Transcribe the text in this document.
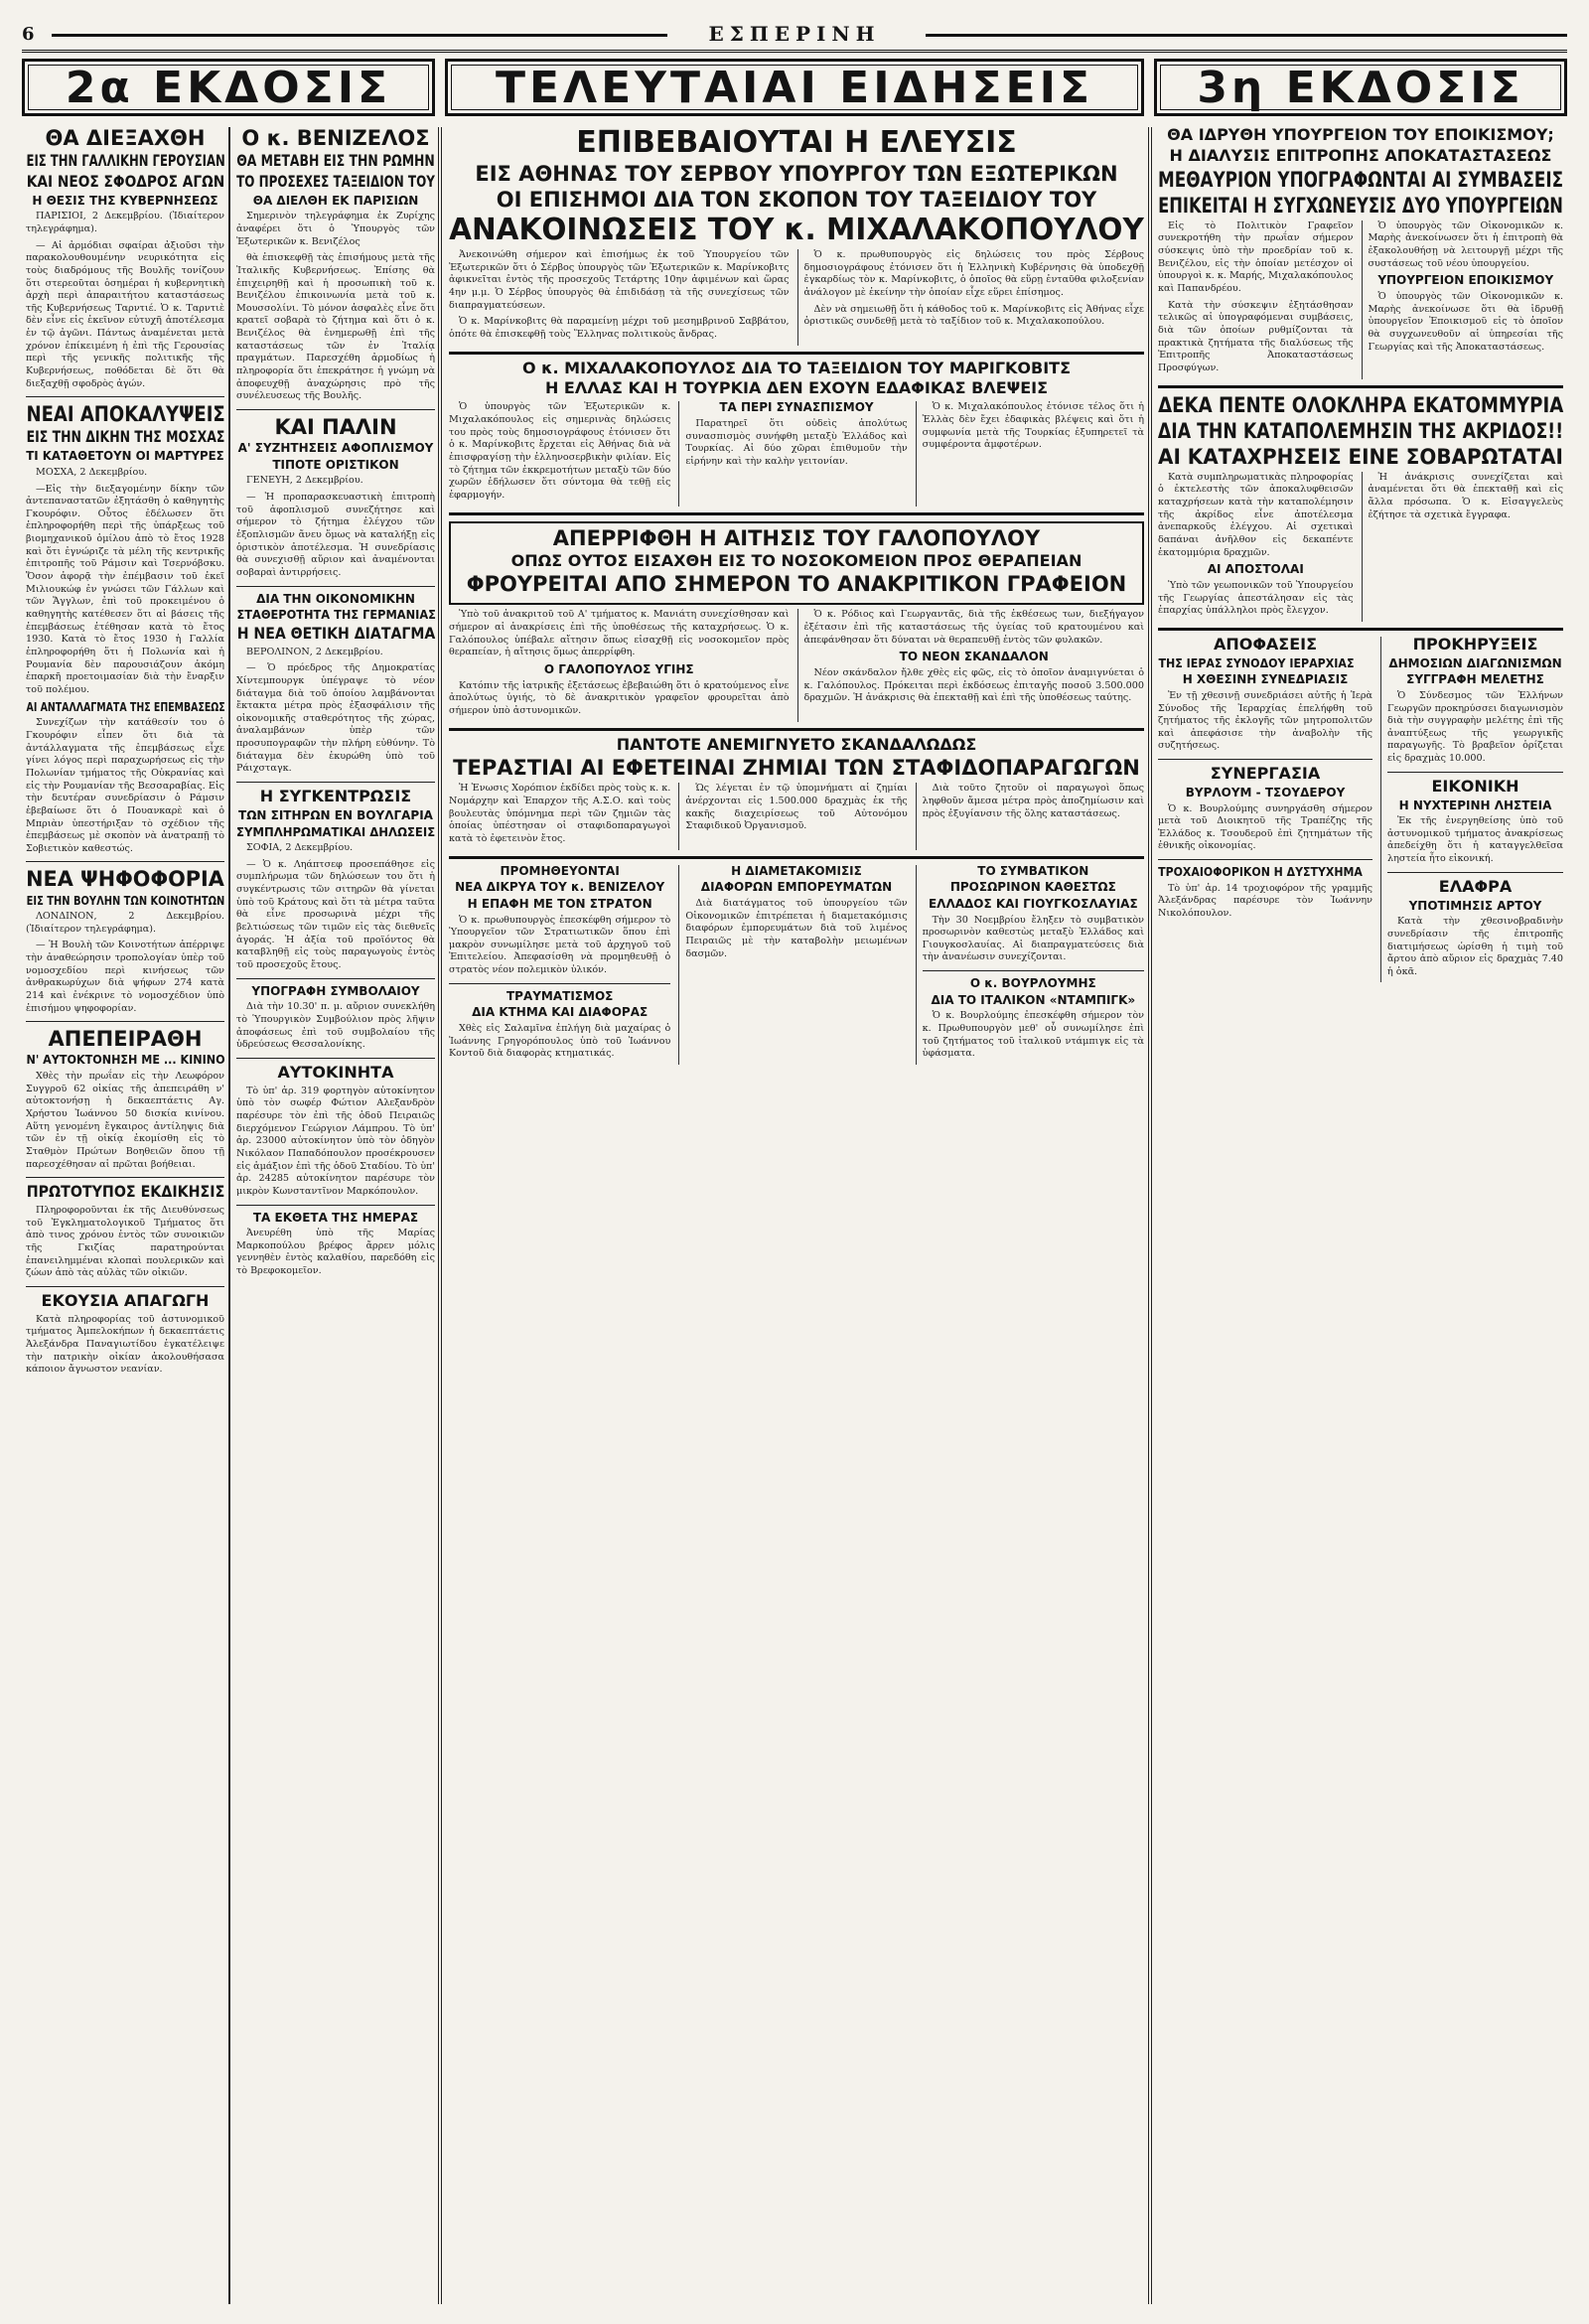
6	ΕΣΠΕΡΙΝΗ
2α ΕΚΔΟΣΙΣ	ΤΕΛΕΥΤΑΙΑΙ ΕΙΔΗΣΕΙΣ	3η ΕΚΔΟΣΙΣ
ΘΑ ΔΙΕΞΑΧΘΗ
ΕΙΣ ΤΗΝ ΓΑΛΛΙΚΗΝ ΓΕΡΟΥΣΙΑΝ
ΚΑΙ ΝΕΟΣ ΣΦΟΔΡΟΣ ΑΓΩΝ
Η ΘΕΣΙΣ ΤΗΣ ΚΥΒΕΡΝΗΣΕΩΣ

ΠΑΡΙΣΙΟΙ, 2 Δεκεμβρίου. (Ἰδιαίτερον τηλεγράφημα).

— Αἱ ἀρμόδιαι σφαίραι ἀξιοῦσι τὴν παρακολουθουμένην νευρικότητα εἰς τοὺς διαδρόμους τῆς Βουλῆς τονίζουν ὅτι στερεοῦται ὁσημέραι ἡ κυβερνητικὴ ἀρχὴ περὶ ἀπαραιτήτου καταστάσεως τῆς Κυβερνήσεως Ταρντιέ. Ὁ κ. Ταρντιὲ δὲν εἶνε εἰς ἐκεῖνον εὐτυχῆ ἀποτέλεσμα ἐν τῷ ἀγῶνι. Πάντως ἀναμένεται μετὰ χρόνον ἐπίκειμένη ἡ ἐπὶ τῆς Γερουσίας περὶ τῆς γενικῆς πολιτικῆς τῆς Κυβερνήσεως, ποθόδεται δὲ ὅτι θὰ διεξαχθῇ σφοδρὸς ἀγών.

ΝΕΑΙ ΑΠΟΚΑΛΥΨΕΙΣ
ΕΙΣ ΤΗΝ ΔΙΚΗΝ ΤΗΣ ΜΟΣΧΑΣ
ΤΙ ΚΑΤΑΘΕΤΟΥΝ ΟΙ ΜΑΡΤΥΡΕΣ

ΜΟΣΧΑ, 2 Δεκεμβρίου.

—Εἰς τὴν διεξαγομένην δίκην τῶν ἀντεπαναστατῶν ἐξητάσθη ὁ καθηγητὴς Γκουρόφιν. Οὗτος ἐδέλωσεν ὅτι ἐπληροφορήθη περὶ τῆς ὑπάρξεως τοῦ βιομηχανικοῦ ὁμίλου ἀπὸ τὸ ἔτος 1928 καὶ ὅτι ἐγνώριζε τὰ μέλη τῆς κεντρικῆς ἐπιτροπῆς τοῦ Ράμσιν καὶ Τσερνόβσκυ. Ὅσον ἀφορᾷ τὴν ἐπέμβασιν τοῦ ἐκεῖ Μιλιουκώφ ἐν γνώσει τῶν Γάλλων καὶ τῶν Ἄγγλων, ἐπὶ τοῦ προκειμένου ὁ καθηγητὴς κατέθεσεν ὅτι αἱ βάσεις τῆς ἐπεμβάσεως ἐτέθησαν κατὰ τὸ ἔτος 1930. Κατὰ τὸ ἔτος 1930 ἡ Γαλλία ἐπληροφορήθη ὅτι ἡ Πολωνία καὶ ἡ Ρουμανία δὲν παρουσιάζουν ἀκόμη ἐπαρκῆ προετοιμασίαν διὰ τὴν ἔναρξιν τοῦ πολέμου.

ΑΙ ΑΝΤΑΛΛΑΓΜΑΤΑ ΤΗΣ ΕΠΕΜΒΑΣΕΩΣ

Συνεχίζων τὴν κατάθεσίν του ὁ Γκουρόφιν εἶπεν ὅτι διὰ τὰ ἀντάλλαγματα τῆς ἐπεμβάσεως εἶχε γίνει λόγος περὶ παραχωρήσεως εἰς τὴν Πολωνίαν τμήματος τῆς Οὐκρανίας καὶ εἰς τὴν Ρουμανίαν τῆς Βεσσαραβίας. Εἰς τὴν δευτέραν συνεδρίασιν ὁ Ράμσιν ἐβεβαίωσε ὅτι ὁ Πουανκαρὲ καὶ ὁ Μπριὰν ὑπεστήριξαν τὸ σχέδιον τῆς ἐπεμβάσεως μὲ σκοπὸν νὰ ἀνατραπῇ τὸ Σοβιετικὸν καθεστώς.

ΝΕΑ ΨΗΦΟΦΟΡΙΑ
ΕΙΣ ΤΗΝ ΒΟΥΛΗΝ ΤΩΝ ΚΟΙΝΟΤΗΤΩΝ

ΛΟΝΔΙΝΟΝ, 2 Δεκεμβρίου. (Ἰδιαίτερον τηλεγράφημα).

— Ἡ Βουλὴ τῶν Κοινοτήτων ἀπέρριψε τὴν ἀναθεώρησιν τροπολογίαν ὑπὲρ τοῦ νομοσχεδίου περὶ κινήσεως τῶν ἀνθρακωρύχων διὰ ψήφων 274 κατὰ 214 καὶ ἐνέκρινε τὸ νομοσχέδιον ὑπὸ ἐπισήμου ψηφοφορίαν.

ΑΠΕΠΕΙΡΑΘΗ
Ν' ΑΥΤΟΚΤΟΝΗΣΗ ΜΕ ... ΚΙΝΙΝΟ

Χθὲς τὴν πρωΐαν εἰς τὴν Λεωφόρον Συγγροῦ 62 οἰκίας τῆς ἀπεπειράθη ν' αὐτοκτονήσῃ ἡ δεκαεπτάετις Αγ. Χρήστου Ἰωάννου 50 δισκία κινίνου. Αὕτη γενομένη ἔγκαιρος ἀντίληψις διὰ τῶν ἐν τῇ οἰκίᾳ ἐκομίσθη εἰς τὸ Σταθμὸν Πρώτων Βοηθειῶν ὅπου τῇ παρεσχέθησαν αἱ πρῶται βοήθειαι.

ΠΡΩΤΟΤΥΠΟΣ ΕΚΔΙΚΗΣΙΣ

Πληροφοροῦνται ἐκ τῆς Διευθύνσεως τοῦ Ἐγκληματολογικοῦ Τμήματος ὅτι ἀπὸ τινος χρόνου ἐντὸς τῶν συνοικιῶν τῆς Γκιζίας παρατηρούνται ἐπανειλημμέναι κλοπαὶ πουλερικῶν καὶ ζώων ἀπὸ τὰς αὐλὰς τῶν οἰκιῶν.

ΕΚΟΥΣΙΑ ΑΠΑΓΩΓΗ

Κατὰ πληροφορίας τοῦ ἀστυνομικοῦ τμήματος Ἀμπελοκήπων ἡ δεκαεπτάετις Ἀλεξάνδρα Παναγιωτίδου ἐγκατέλειψε τὴν πατρικὴν οἰκίαν ἀκολουθήσασα κάποιον ἄγνωστον νεανίαν.

Ο κ. ΒΕΝΙΖΕΛΟΣ
ΘΑ ΜΕΤΑΒΗ ΕΙΣ ΤΗΝ ΡΩΜΗΝ
ΤΟ ΠΡΟΣΕΧΕΣ ΤΑΞΕΙΔΙΟΝ ΤΟΥ
ΘΑ ΔΙΕΛΘΗ ΕΚ ΠΑΡΙΣΙΩΝ

Σημερινὸν τηλεγράφημα ἐκ Ζυρίχης ἀναφέρει ὅτι ὁ Ὑπουργὸς τῶν Ἐξωτερικῶν κ. Βενιζέλος

θὰ ἐπισκεφθῇ τὰς ἐπισήμους μετὰ τῆς Ἰταλικῆς Κυβερνήσεως. Ἐπίσης θὰ ἐπιχειρηθῇ καὶ ἡ προσωπικὴ τοῦ κ. Βενιζέλου ἐπικοινωνία μετὰ τοῦ κ. Μουσσολίνι. Τὸ μόνον ἀσφαλὲς εἶνε ὅτι κρατεῖ σοβαρὰ τὸ ζήτημα καὶ ὅτι ὁ κ. Βενιζέλος θὰ ἐνημερωθῇ ἐπὶ τῆς καταστάσεως τῶν ἐν Ἰταλίᾳ πραγμάτων. Παρεσχέθη ἀρμοδίως ἡ πληροφορία ὅτι ἐπεκράτησε ἡ γνώμη νὰ ἀποφευχθῇ ἀναχώρησις πρὸ τῆς συνέλευσεως τῆς Βουλῆς.

ΚΑΙ ΠΑΛΙΝ
Α' ΣΥΖΗΤΗΣΕΙΣ ΑΦΟΠΛΙΣΜΟΥ
ΤΙΠΟΤΕ ΟΡΙΣΤΙΚΟΝ

ΓΕΝΕΥΗ, 2 Δεκεμβρίου.

— Ἡ προπαρασκευαστικὴ ἐπιτροπὴ τοῦ ἀφοπλισμοῦ συνεζήτησε καὶ σήμερον τὸ ζήτημα ἐλέγχου τῶν ἐξοπλισμῶν ἄνευ ὅμως νὰ καταλήξῃ εἰς ὁριστικὸν ἀποτέλεσμα. Ἡ συνεδρίασις θὰ συνεχισθῇ αὔριον καὶ ἀναμένονται σοβαραὶ ἀντιρρήσεις.

ΔΙΑ ΤΗΝ ΟΙΚΟΝΟΜΙΚΗΝ
ΣΤΑΘΕΡΟΤΗΤΑ ΤΗΣ ΓΕΡΜΑΝΙΑΣ
Η ΝΕΑ ΘΕΤΙΚΗ ΔΙΑΤΑΓΜΑ

ΒΕΡΟΛΙΝΟΝ, 2 Δεκεμβρίου.

— Ὁ πρόεδρος τῆς Δημοκρατίας Χίντεμπουργκ ὑπέγραψε τὸ νέον διάταγμα διὰ τοῦ ὁποίου λαμβάνονται ἔκτακτα μέτρα πρὸς ἐξασφάλισιν τῆς οἰκονομικῆς σταθερότητος τῆς χώρας, ἀναλαμβάνων ὑπὲρ τῶν προσυπογραφῶν τὴν πλήρη εὐθύνην. Τὸ διάταγμα δὲν ἐκυρώθη ὑπὸ τοῦ Ράιχσταγκ.

Η ΣΥΓΚΕΝΤΡΩΣΙΣ
ΤΩΝ ΣΙΤΗΡΩΝ ΕΝ ΒΟΥΛΓΑΡΙΑ
ΣΥΜΠΛΗΡΩΜΑΤΙΚΑΙ ΔΗΛΩΣΕΙΣ

ΣΟΦΙΑ, 2 Δεκεμβρίου.

— Ὁ κ. Ληάπτσεφ προσεπάθησε εἰς συμπλήρωμα τῶν δηλώσεων του ὅτι ἡ συγκέντρωσις τῶν σιτηρῶν θὰ γίνεται ὑπὸ τοῦ Κράτους καὶ ὅτι τὰ μέτρα ταῦτα θὰ εἶνε προσωρινὰ μέχρι τῆς βελτιώσεως τῶν τιμῶν εἰς τὰς διεθνεῖς ἀγοράς. Ἡ ἀξία τοῦ προϊόντος θὰ καταβληθῇ εἰς τοὺς παραγωγοὺς ἐντὸς τοῦ προσεχοῦς ἔτους.

ΥΠΟΓΡΑΦΗ ΣΥΜΒΟΛΑΙΟΥ

Διὰ τὴν 10.30' π. μ. αὔριον συνεκλήθη τὸ Ὑπουργικὸν Συμβούλιον πρὸς λῆψιν ἀποφάσεως ἐπὶ τοῦ συμβολαίου τῆς ὑδρεύσεως Θεσσαλονίκης.

ΑΥΤΟΚΙΝΗΤΑ

Τὸ ὑπ' ἀρ. 319 φορτηγὸν αὐτοκίνητον ὑπὸ τὸν σωφέρ Φώτιον Αλεξανδρὸν παρέσυρε τὸν ἐπὶ τῆς ὁδοῦ Πειραιῶς διερχόμενον Γεώργιον Λάμπρου. Τὸ ὑπ' ἀρ. 23000 αὐτοκίνητον ὑπὸ τὸν ὁδηγὸν Νικόλαον Παπαδόπουλον προσέκρουσεν εἰς ἁμάξιον ἐπὶ τῆς ὁδοῦ Σταδίου. Τὸ ὑπ' ἀρ. 24285 αὐτοκίνητον παρέσυρε τὸν μικρὸν Κωνσταντῖνον Μαρκόπουλον.

ΤΑ ΕΚΘΕΤΑ ΤΗΣ ΗΜΕΡΑΣ

Ἀνευρέθη ὑπὸ τῆς Μαρίας Μαρκοπούλου βρέφος ἄρρεν μόλις γεννηθὲν ἐντὸς καλαθίου, παρεδόθη εἰς τὸ Βρεφοκομεῖον.

ΕΠΙΒΕΒΑΙΟΥΤΑΙ Η ΕΛΕΥΣΙΣ
ΕΙΣ ΑΘΗΝΑΣ ΤΟΥ ΣΕΡΒΟΥ ΥΠΟΥΡΓΟΥ ΤΩΝ ΕΞΩΤΕΡΙΚΩΝ
ΟΙ ΕΠΙΣΗΜΟΙ ΔΙΑ ΤΟΝ ΣΚΟΠΟΝ ΤΟΥ ΤΑΞΕΙΔΙΟΥ ΤΟΥ
ΑΝΑΚΟΙΝΩΣΕΙΣ ΤΟΥ κ. ΜΙΧΑΛΑΚΟΠΟΥΛΟΥ

Ἀνεκοινώθη σήμερον καὶ ἐπισήμως ἐκ τοῦ Ὑπουργείου τῶν Ἐξωτερικῶν ὅτι ὁ Σέρβος ὑπουργὸς τῶν Ἐξωτερικῶν κ. Μαρίνκοβιτς ἀφικνεῖται ἐντὸς τῆς προσεχοῦς Τετάρτης 10ην ἀφιμένων καὶ ὥρας 4ην μ.μ. Ὁ Σέρβος ὑπουργὸς θὰ ἐπιδιδάσῃ τὰ τῆς συνεχίσεως τῶν διαπραγματεύσεων.

Ὁ κ. Μαρίνκοβιτς θὰ παραμείνῃ μέχρι τοῦ μεσημβρινοῦ Σαββάτου, ὁπότε θὰ ἐπισκεφθῇ τοὺς Ἕλληνας πολιτικοὺς ἄνδρας.

Ὁ κ. πρωθυπουργὸς εἰς δηλώσεις του πρὸς Σέρβους δημοσιογράφους ἐτόνισεν ὅτι ἡ Ἑλληνικὴ Κυβέρνησις θὰ ὑποδεχθῇ ἐγκαρδίως τὸν κ. Μαρίνκοβιτς, ὁ ὁποῖος θὰ εὕρῃ ἐνταῦθα φιλοξενίαν ἀνάλογον μὲ ἐκείνην τὴν ὁποίαν εἶχε εὕρει ἐπίσημος.

Δὲν νὰ σημειωθῇ ὅτι ἡ κάθοδος τοῦ κ. Μαρίνκοβιτς εἰς Ἀθήνας εἶχε ὁριστικῶς συνδεθῇ μετὰ τὸ ταξίδιον τοῦ κ. Μιχαλακοπούλου.

Ο κ. ΜΙΧΑΛΑΚΟΠΟΥΛΟΣ ΔΙΑ ΤΟ ΤΑΞΕΙΔΙΟΝ ΤΟΥ ΜΑΡΙΓΚΟΒΙΤΣ
Η ΕΛΛΑΣ ΚΑΙ Η ΤΟΥΡΚΙΑ ΔΕΝ ΕΧΟΥΝ ΕΔΑΦΙΚΑΣ ΒΛΕΨΕΙΣ

Ὁ ὑπουργὸς τῶν Ἐξωτερικῶν κ. Μιχαλακόπουλος εἰς σημερινὰς δηλώσεις του πρὸς τοὺς δημοσιογράφους ἐτόνισεν ὅτι ὁ κ. Μαρίνκοβιτς ἔρχεται εἰς Ἀθήνας διὰ νὰ ἐπισφραγίσῃ τὴν ἑλληνοσερβικὴν φιλίαν. Εἰς τὸ ζήτημα τῶν ἐκκρεμοτήτων μεταξὺ τῶν δύο χωρῶν ἐδήλωσεν ὅτι σύντομα θὰ τεθῇ εἰς ἐφαρμογήν.

ΤΑ ΠΕΡΙ ΣΥΝΑΣΠΙΣΜΟΥ

Παρατηρεῖ ὅτι οὐδεὶς ἀπολύτως συνασπισμὸς συνήφθη μεταξὺ Ἑλλάδος καὶ Τουρκίας. Αἱ δύο χῶραι ἐπιθυμοῦν τὴν εἰρήνην καὶ τὴν καλὴν γειτονίαν.

Ὁ κ. Μιχαλακόπουλος ἐτόνισε τέλος ὅτι ἡ Ἑλλὰς δὲν ἔχει ἐδαφικὰς βλέψεις καὶ ὅτι ἡ συμφωνία μετὰ τῆς Τουρκίας ἐξυπηρετεῖ τὰ συμφέροντα ἀμφοτέρων.

ΑΠΕΡΡΙΦΘΗ Η ΑΙΤΗΣΙΣ ΤΟΥ ΓΑΛΟΠΟΥΛΟΥ
ΟΠΩΣ ΟΥΤΟΣ ΕΙΣΑΧΘΗ ΕΙΣ ΤΟ ΝΟΣΟΚΟΜΕΙΟΝ ΠΡΟΣ ΘΕΡΑΠΕΙΑΝ
ΦΡΟΥΡΕΙΤΑΙ ΑΠΟ ΣΗΜΕΡΟΝ ΤΟ ΑΝΑΚΡΙΤΙΚΟΝ ΓΡΑΦΕΙΟΝ

Ὑπὸ τοῦ ἀνακριτοῦ τοῦ Α' τμήματος κ. Μανιάτη συνεχίσθησαν καὶ σήμερον αἱ ἀνακρίσεις ἐπὶ τῆς ὑποθέσεως τῆς καταχρήσεως. Ὁ κ. Γαλόπουλος ὑπέβαλε αἴτησιν ὅπως εἰσαχθῇ εἰς νοσοκομεῖον πρὸς θεραπείαν, ἡ αἴτησις ὅμως ἀπερρίφθη.

Ο ΓΑΛΟΠΟΥΛΟΣ ΥΓΙΗΣ

Κατόπιν τῆς ἰατρικῆς ἐξετάσεως ἐβεβαιώθη ὅτι ὁ κρατούμενος εἶνε ἀπολύτως ὑγιής, τὸ δὲ ἀνακριτικὸν γραφεῖον φρουρεῖται ἀπὸ σήμερον ὑπὸ ἀστυνομικῶν.

Ὁ κ. Ρόδιος καὶ Γεωργαντᾶς, διὰ τῆς ἐκθέσεως των, διεξήγαγον ἐξέτασιν ἐπὶ τῆς καταστάσεως τῆς ὑγείας τοῦ κρατουμένου καὶ ἀπεφάνθησαν ὅτι δύναται νὰ θεραπευθῇ ἐντὸς τῶν φυλακῶν.

ΤΟ ΝΕΟΝ ΣΚΑΝΔΑΛΟΝ

Νέον σκάνδαλον ἤλθε χθὲς εἰς φῶς, εἰς τὸ ὁποῖον ἀναμιγνύεται ὁ κ. Γαλόπουλος. Πρόκειται περὶ ἐκδόσεως ἐπιταγῆς ποσοῦ 3.500.000 δραχμῶν. Ἡ ἀνάκρισις θὰ ἐπεκταθῇ καὶ ἐπὶ τῆς ὑποθέσεως ταύτης.

ΠΑΝΤΟΤΕ ΑΝΕΜΙΓΝΥΕΤΟ ΣΚΑΝΔΑΛΩΔΩΣ
ΤΕΡΑΣΤΙΑΙ ΑΙ ΕΦΕΤΕΙΝΑΙ ΖΗΜΙΑΙ ΤΩΝ ΣΤΑΦΙΔΟΠΑΡΑΓΩΓΩΝ

Ἡ Ἑνωσις Χορόπιον ἐκδίδει πρὸς τοὺς κ. κ. Νομάρχην καὶ Ἐπαρχον τῆς Α.Σ.Ο. καὶ τοὺς βουλευτὰς ὑπόμνημα περὶ τῶν ζημιῶν τὰς ὁποίας ὑπέστησαν οἱ σταφιδοπαραγωγοὶ κατὰ τὸ ἐφετεινὸν ἔτος.

Ὡς λέγεται ἐν τῷ ὑπομνήματι αἱ ζημίαι ἀνέρχονται εἰς 1.500.000 δραχμὰς ἐκ τῆς κακῆς διαχειρίσεως τοῦ Αὐτονόμου Σταφιδικοῦ Ὀργανισμοῦ.

Διὰ τοῦτο ζητοῦν οἱ παραγωγοὶ ὅπως ληφθοῦν ἄμεσα μέτρα πρὸς ἀποζημίωσιν καὶ πρὸς ἐξυγίανσιν τῆς ὅλης καταστάσεως.

ΠΡΟΜΗΘΕΥΟΝΤΑΙ
ΝΕΑ ΔΙΚΡΥΑ ΤΟΥ κ. ΒΕΝΙΖΕΛΟΥ
Η ΕΠΑΦΗ ΜΕ ΤΟΝ ΣΤΡΑΤΟΝ

Ὁ κ. πρωθυπουργὸς ἐπεσκέφθη σήμερον τὸ Ὑπουργεῖον τῶν Στρατιωτικῶν ὅπου ἐπὶ μακρὸν συνωμίλησε μετὰ τοῦ ἀρχηγοῦ τοῦ Ἐπιτελείου. Ἀπεφασίσθη νὰ προμηθευθῇ ὁ στρατὸς νέον πολεμικὸν ὑλικόν.

ΤΡΑΥΜΑΤΙΣΜΟΣ
ΔΙΑ ΚΤΗΜΑ ΚΑΙ ΔΙΑΦΟΡΑΣ

Χθὲς εἰς Σαλαμῖνα ἐπλήγη διὰ μαχαίρας ὁ Ἰωάννης Γρηγορόπουλος ὑπὸ τοῦ Ἰωάννου Κοντοῦ διὰ διαφορὰς κτηματικάς.

Η ΔΙΑΜΕΤΑΚΟΜΙΣΙΣ
ΔΙΑΦΟΡΩΝ ΕΜΠΟΡΕΥΜΑΤΩΝ

Διὰ διατάγματος τοῦ ὑπουργείου τῶν Οἰκονομικῶν ἐπιτρέπεται ἡ διαμετακόμισις διαφόρων ἐμπορευμάτων διὰ τοῦ λιμένος Πειραιῶς μὲ τὴν καταβολὴν μειωμένων δασμῶν.

ΤΟ ΣΥΜΒΑΤΙΚΟΝ
ΠΡΟΣΩΡΙΝΟΝ ΚΑΘΕΣΤΩΣ
ΕΛΛΑΔΟΣ ΚΑΙ ΓΙΟΥΓΚΟΣΛΑΥΙΑΣ

Τὴν 30 Νοεμβρίου ἔληξεν τὸ συμβατικὸν προσωρινὸν καθεστὼς μεταξὺ Ἑλλάδος καὶ Γιουγκοσλαυίας. Αἱ διαπραγματεύσεις διὰ τὴν ἀνανέωσιν συνεχίζονται.

Ο κ. ΒΟΥΡΛΟΥΜΗΣ
ΔΙΑ ΤΟ ΙΤΑΛΙΚΟΝ «ΝΤΑΜΠΙΓΚ»

Ὁ κ. Βουρλούμης ἐπεσκέφθη σήμερον τὸν κ. Πρωθυπουργὸν μεθ' οὗ συνωμίλησε ἐπὶ τοῦ ζητήματος τοῦ ἰταλικοῦ ντάμπιγκ εἰς τὰ ὑφάσματα.

ΘΑ ΙΔΡΥΘΗ ΥΠΟΥΡΓΕΙΟΝ ΤΟΥ ΕΠΟΙΚΙΣΜΟΥ;
Η ΔΙΑΛΥΣΙΣ ΕΠΙΤΡΟΠΗΣ ΑΠΟΚΑΤΑΣΤΑΣΕΩΣ
ΜΕΘΑΥΡΙΟΝ ΥΠΟΓΡΑΦΩΝΤΑΙ ΑΙ ΣΥΜΒΑΣΕΙΣ
ΕΠΙΚΕΙΤΑΙ Η ΣΥΓΧΩΝΕΥΣΙΣ ΔΥΟ ΥΠΟΥΡΓΕΙΩΝ

Εἰς τὸ Πολιτικὸν Γραφεῖον συνεκροτήθη τὴν πρωΐαν σήμερον σύσκεψις ὑπὸ τὴν προεδρίαν τοῦ κ. Βενιζέλου, εἰς τὴν ὁποίαν μετέσχον οἱ ὑπουργοὶ κ. κ. Μαρής, Μιχαλακόπουλος καὶ Παπανδρέου.

Κατὰ τὴν σύσκεψιν ἐξητάσθησαν τελικῶς αἱ ὑπογραφόμεναι συμβάσεις, διὰ τῶν ὁποίων ρυθμίζονται τὰ πρακτικὰ ζητήματα τῆς διαλύσεως τῆς Ἐπιτροπῆς Ἀποκαταστάσεως Προσφύγων.

Ὁ ὑπουργὸς τῶν Οἰκονομικῶν κ. Μαρὴς ἀνεκοίνωσεν ὅτι ἡ ἐπιτροπὴ θὰ ἐξακολουθήσῃ νὰ λειτουργῇ μέχρι τῆς συστάσεως τοῦ νέου ὑπουργείου.

ΥΠΟΥΡΓΕΙΟΝ ΕΠΟΙΚΙΣΜΟΥ

Ὁ ὑπουργὸς τῶν Οἰκονομικῶν κ. Μαρὴς ἀνεκοίνωσε ὅτι θὰ ἱδρυθῇ ὑπουργεῖον Ἐποικισμοῦ εἰς τὸ ὁποῖον θὰ συγχωνευθοῦν αἱ ὑπηρεσίαι τῆς Γεωργίας καὶ τῆς Ἀποκαταστάσεως.

ΔΕΚΑ ΠΕΝΤΕ ΟΛΟΚΛΗΡΑ ΕΚΑΤΟΜΜΥΡΙΑ
ΔΙΑ ΤΗΝ ΚΑΤΑΠΟΛΕΜΗΣΙΝ ΤΗΣ ΑΚΡΙΔΟΣ!!
ΑΙ ΚΑΤΑΧΡΗΣΕΙΣ ΕΙΝΕ ΣΟΒΑΡΩΤΑΤΑΙ

Κατὰ συμπληρωματικὰς πληροφορίας ὁ ἐκτελεστὴς τῶν ἀποκαλυφθεισῶν καταχρήσεων κατὰ τὴν καταπολέμησιν τῆς ἀκρίδος εἶνε ἀποτέλεσμα ἀνεπαρκοῦς ἐλέγχου. Αἱ σχετικαὶ δαπάναι ἀνῆλθον εἰς δεκαπέντε ἑκατομμύρια δραχμῶν.

ΑΙ ΑΠΟΣΤΟΛΑΙ

Ὑπὸ τῶν γεωπονικῶν τοῦ Ὑπουργείου τῆς Γεωργίας ἀπεστάλησαν εἰς τὰς ἐπαρχίας ὑπάλληλοι πρὸς ἔλεγχον.

Ἡ ἀνάκρισις συνεχίζεται καὶ ἀναμένεται ὅτι θὰ ἐπεκταθῇ καὶ εἰς ἄλλα πρόσωπα. Ὁ κ. Εἰσαγγελεὺς ἐζήτησε τὰ σχετικὰ ἔγγραφα.

ΑΠΟΦΑΣΕΙΣ
ΤΗΣ ΙΕΡΑΣ ΣΥΝΟΔΟΥ ΙΕΡΑΡΧΙΑΣ
Η ΧΘΕΣΙΝΗ ΣΥΝΕΔΡΙΑΣΙΣ

Ἐν τῇ χθεσινῇ συνεδριάσει αὐτῆς ἡ Ἱερὰ Σύνοδος τῆς Ἱεραρχίας ἐπελήφθη τοῦ ζητήματος τῆς ἐκλογῆς τῶν μητροπολιτῶν καὶ ἀπεφάσισε τὴν ἀναβολὴν τῆς συζητήσεως.

ΣΥΝΕΡΓΑΣΙΑ
ΒΥΡΛΟΥΜ - ΤΣΟΥΔΕΡΟΥ

Ὁ κ. Βουρλούμης συνηργάσθη σήμερον μετὰ τοῦ Διοικητοῦ τῆς Τραπέζης τῆς Ἑλλάδος κ. Τσουδεροῦ ἐπὶ ζητημάτων τῆς ἐθνικῆς οἰκονομίας.

ΤΡΟΧΑΙΟΦΟΡΙΚΟΝ Η ΔΥΣΤΥΧΗΜΑ

Τὸ ὑπ' ἀρ. 14 τροχιοφόρον τῆς γραμμῆς Ἀλεξάνδρας παρέσυρε τὸν Ἰωάννην Νικολόπουλον.

ΠΡΟΚΗΡΥΞΕΙΣ
ΔΗΜΟΣΙΩΝ ΔΙΑΓΩΝΙΣΜΩΝ
ΣΥΓΓΡΑΦΗ ΜΕΛΕΤΗΣ

Ὁ Σύνδεσμος τῶν Ἑλλήνων Γεωργῶν προκηρύσσει διαγωνισμὸν διὰ τὴν συγγραφὴν μελέτης ἐπὶ τῆς ἀναπτύξεως τῆς γεωργικῆς παραγωγῆς. Τὸ βραβεῖον ὁρίζεται εἰς δραχμὰς 10.000.

ΕΙΚΟΝΙΚΗ
Η ΝΥΧΤΕΡΙΝΗ ΛΗΣΤΕΙΑ

Ἐκ τῆς ἐνεργηθείσης ὑπὸ τοῦ ἀστυνομικοῦ τμήματος ἀνακρίσεως ἀπεδείχθη ὅτι ἡ καταγγελθεῖσα ληστεία ἦτο εἰκονική.

ΕΛΑΦΡΑ
ΥΠΟΤΙΜΗΣΙΣ ΑΡΤΟΥ

Κατὰ τὴν χθεσινοβραδινὴν συνεδρίασιν τῆς ἐπιτροπῆς διατιμήσεως ὡρίσθη ἡ τιμὴ τοῦ ἄρτου ἀπὸ αὔριον εἰς δραχμὰς 7.40 ἡ ὀκᾶ.
